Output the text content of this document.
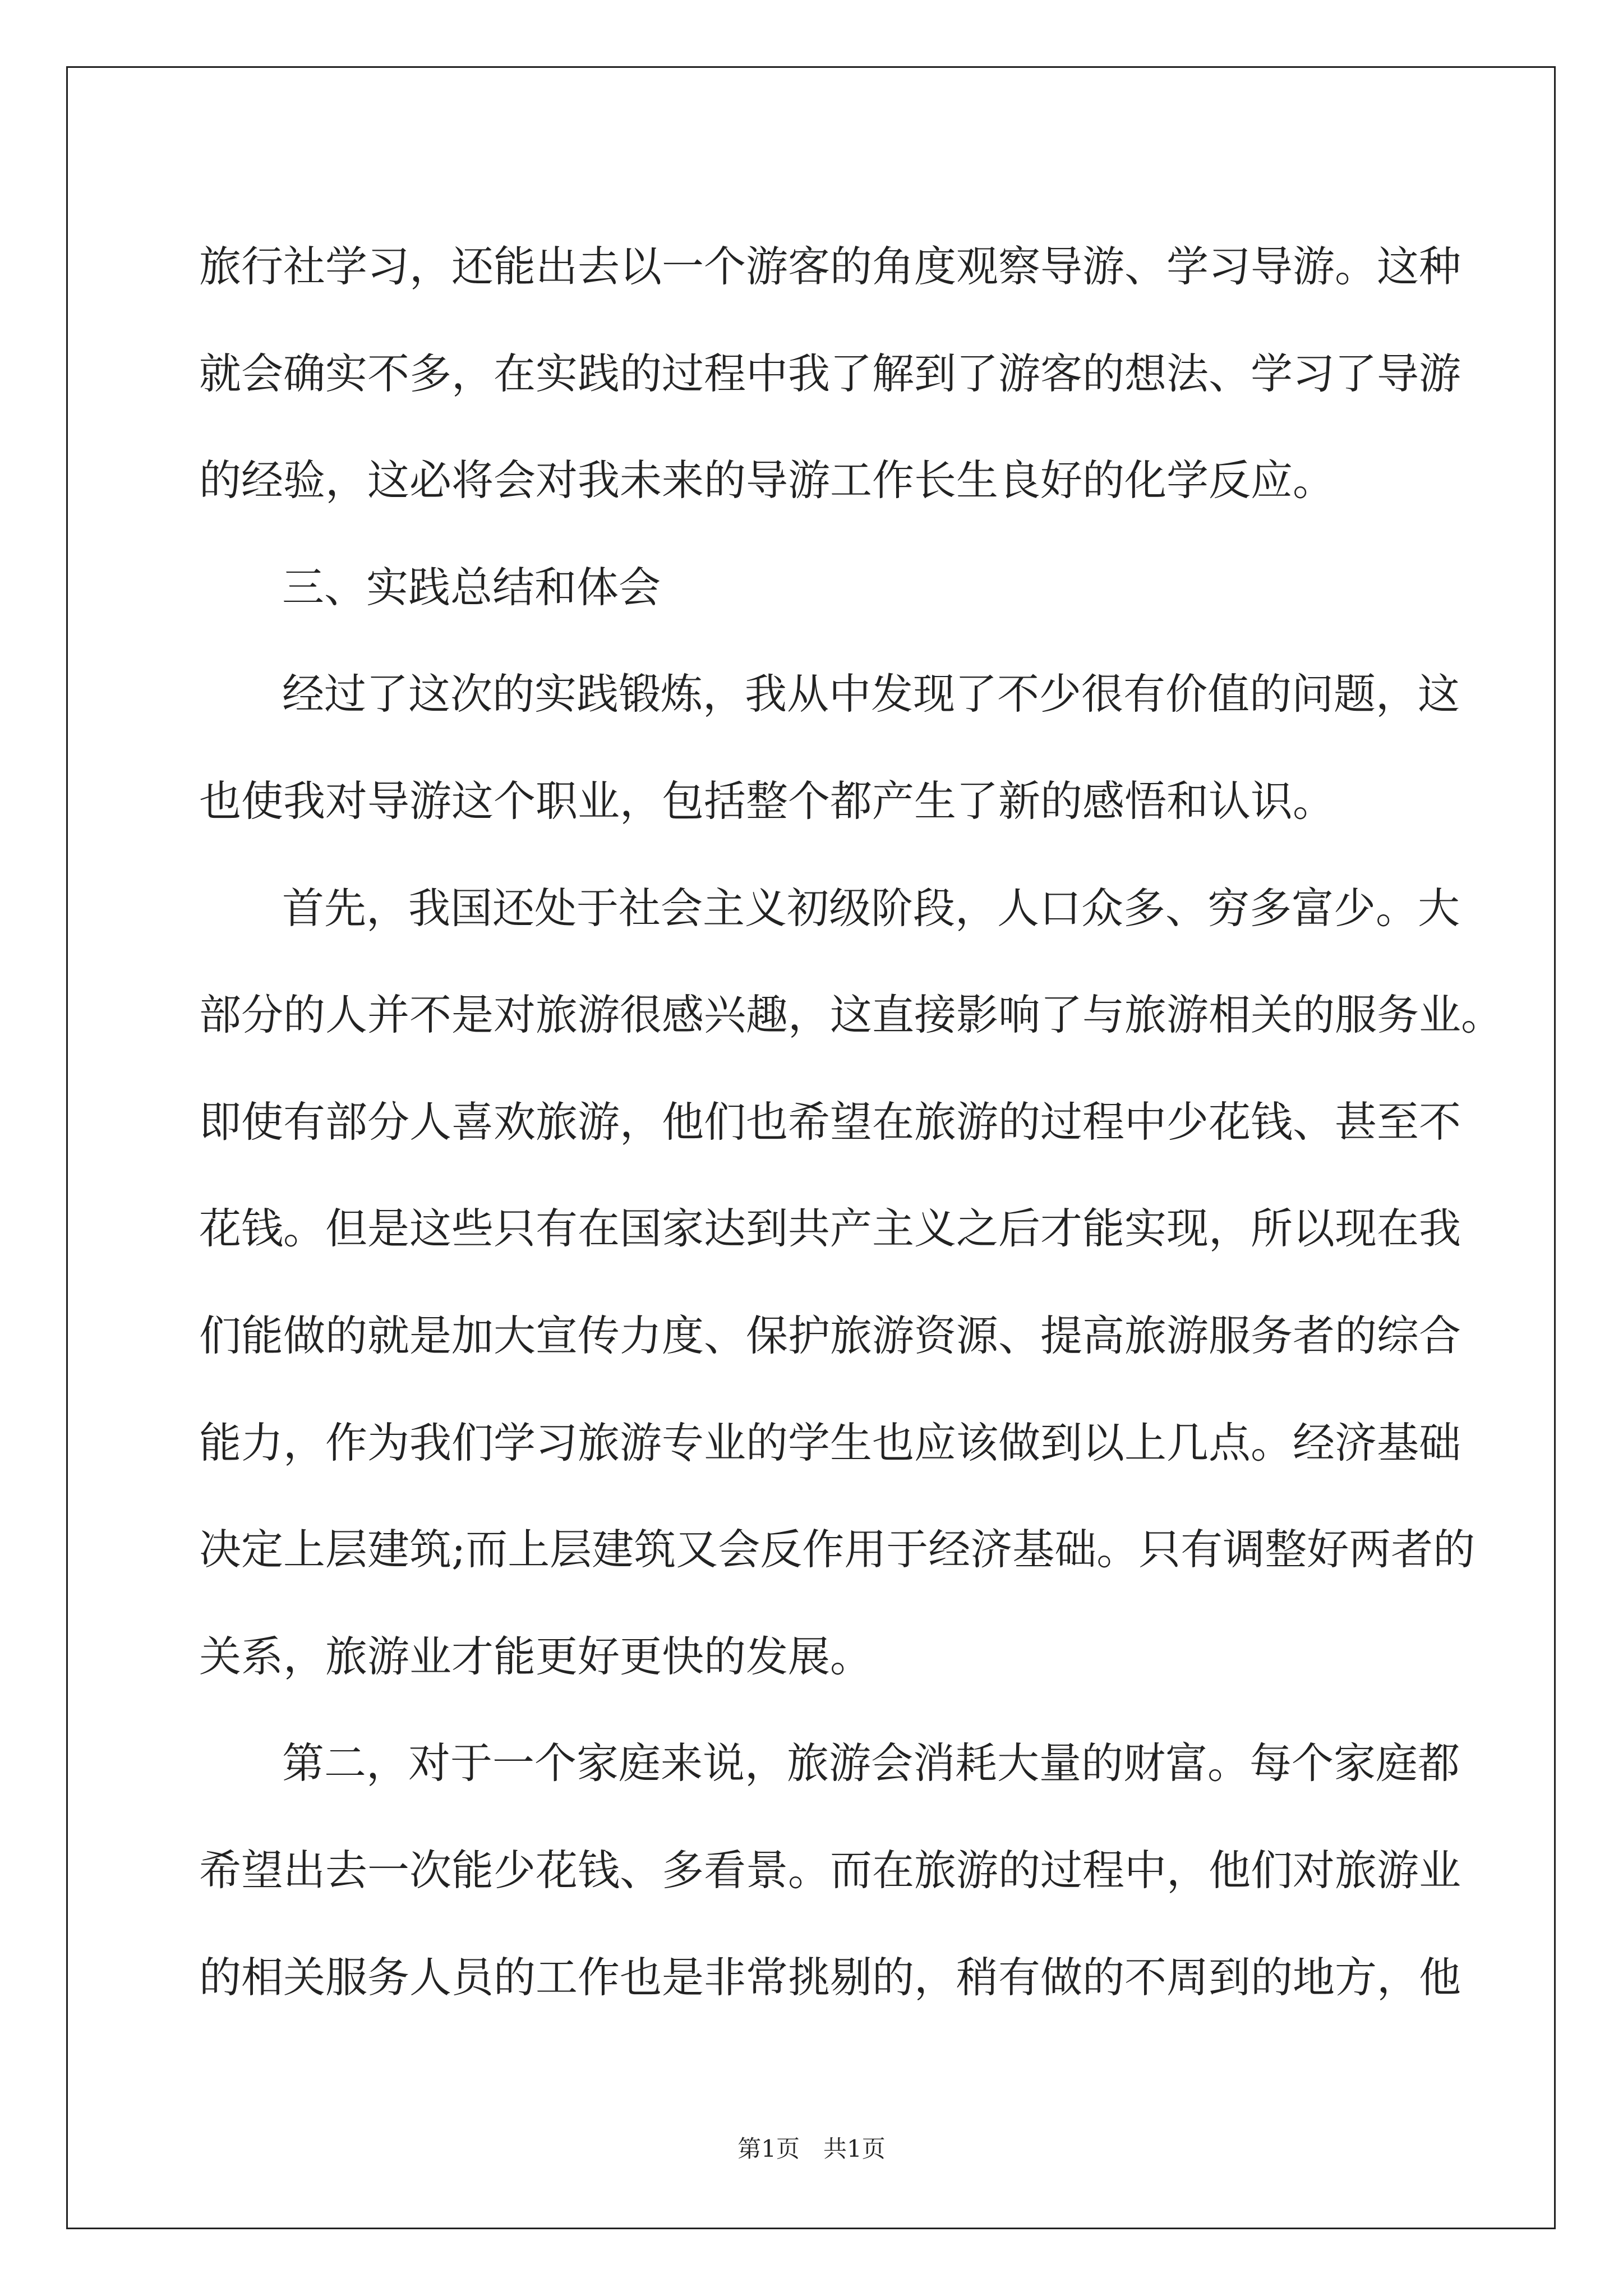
旅行社学习，还能出去以一个游客的角度观察导游、学习导游。这种
就会确实不多，在实践的过程中我了解到了游客的想法、学习了导游
的经验，这必将会对我未来的导游工作长生良好的化学反应。
三、实践总结和体会
经过了这次的实践锻炼，我从中发现了不少很有价值的问题，这
也使我对导游这个职业，包括整个都产生了新的感悟和认识。
首先，我国还处于社会主义初级阶段，人口众多、穷多富少。大
部分的人并不是对旅游很感兴趣，这直接影响了与旅游相关的服务业。
即使有部分人喜欢旅游，他们也希望在旅游的过程中少花钱、甚至不
花钱。但是这些只有在国家达到共产主义之后才能实现，所以现在我
们能做的就是加大宣传力度、保护旅游资源、提高旅游服务者的综合
能力，作为我们学习旅游专业的学生也应该做到以上几点。经济基础
决定上层建筑;而上层建筑又会反作用于经济基础。只有调整好两者的
关系，旅游业才能更好更快的发展。
第二，对于一个家庭来说，旅游会消耗大量的财富。每个家庭都
希望出去一次能少花钱、多看景。而在旅游的过程中，他们对旅游业
的相关服务人员的工作也是非常挑剔的，稍有做的不周到的地方，他
第1页　共1页
